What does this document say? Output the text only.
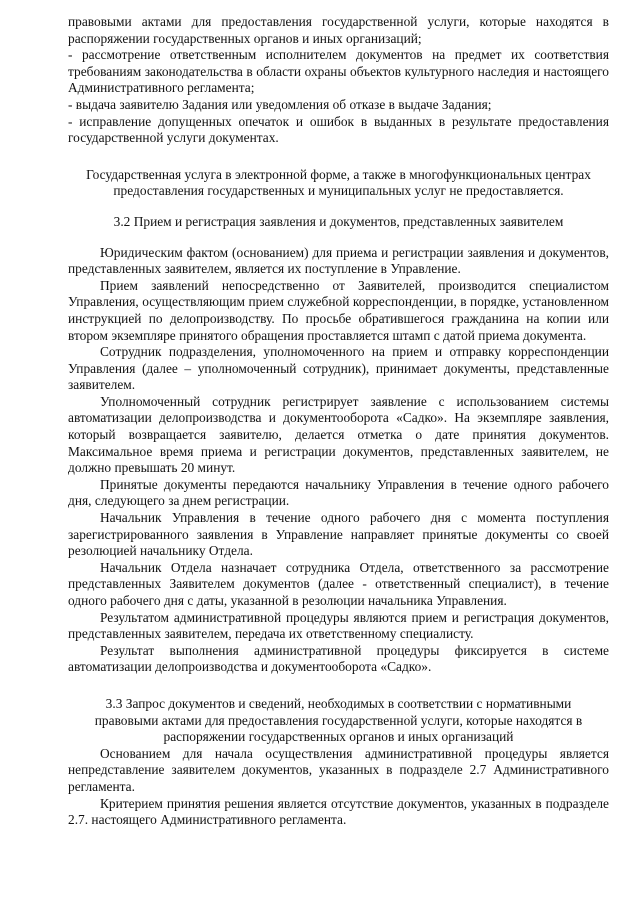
правовыми актами для предоставления государственной услуги, которые находятся в распоряжении государственных органов и иных организаций;

- рассмотрение ответственным исполнителем документов на предмет их соответствия требованиям законодательства в области охраны объектов культурного наследия и настоящего Административного регламента;

- выдача заявителю Задания или уведомления об отказе в выдаче Задания;

- исправление допущенных опечаток и ошибок в выданных в результате предоставления государственной услуги документах.

Государственная услуга в электронной форме, а также в многофункциональных центрах предоставления государственных и муниципальных услуг не предоставляется.

3.2 Прием и регистрация заявления и документов, представленных заявителем

Юридическим фактом (основанием) для приема и регистрации заявления и документов, представленных заявителем, является их поступление в Управление.

Прием заявлений непосредственно от Заявителей, производится специалистом Управления, осуществляющим прием служебной корреспонденции, в порядке, установленном инструкцией по делопроизводству. По просьбе обратившегося гражданина на копии или втором экземпляре принятого обращения проставляется штамп с датой приема документа.

Сотрудник подразделения, уполномоченного на прием и отправку корреспонденции Управления (далее – уполномоченный сотрудник), принимает документы, представленные заявителем.

Уполномоченный сотрудник регистрирует заявление с использованием системы автоматизации делопроизводства и документооборота «Садко». На экземпляре заявления, который возвращается заявителю, делается отметка о дате принятия документов. Максимальное время приема и регистрации документов, представленных заявителем, не должно превышать 20 минут.

Принятые документы передаются начальнику Управления в течение одного рабочего дня, следующего за днем регистрации.

Начальник Управления в течение одного рабочего дня с момента поступления зарегистрированного заявления в Управление направляет принятые документы со своей резолюцией начальнику Отдела.

Начальник Отдела назначает сотрудника Отдела, ответственного за рассмотрение представленных Заявителем документов (далее - ответственный специалист), в течение одного рабочего дня с даты, указанной в резолюции начальника Управления.

Результатом административной процедуры являются прием и регистрация документов, представленных заявителем, передача их ответственному специалисту.

Результат выполнения административной процедуры фиксируется в системе автоматизации делопроизводства и документооборота «Садко».

3.3 Запрос документов и сведений, необходимых в соответствии с нормативными правовыми актами для предоставления государственной услуги, которые находятся в распоряжении государственных органов и иных организаций

Основанием для начала осуществления административной процедуры является непредставление заявителем документов, указанных в подразделе 2.7 Административного регламента.

Критерием принятия решения является отсутствие документов, указанных в подразделе 2.7. настоящего Административного регламента.
